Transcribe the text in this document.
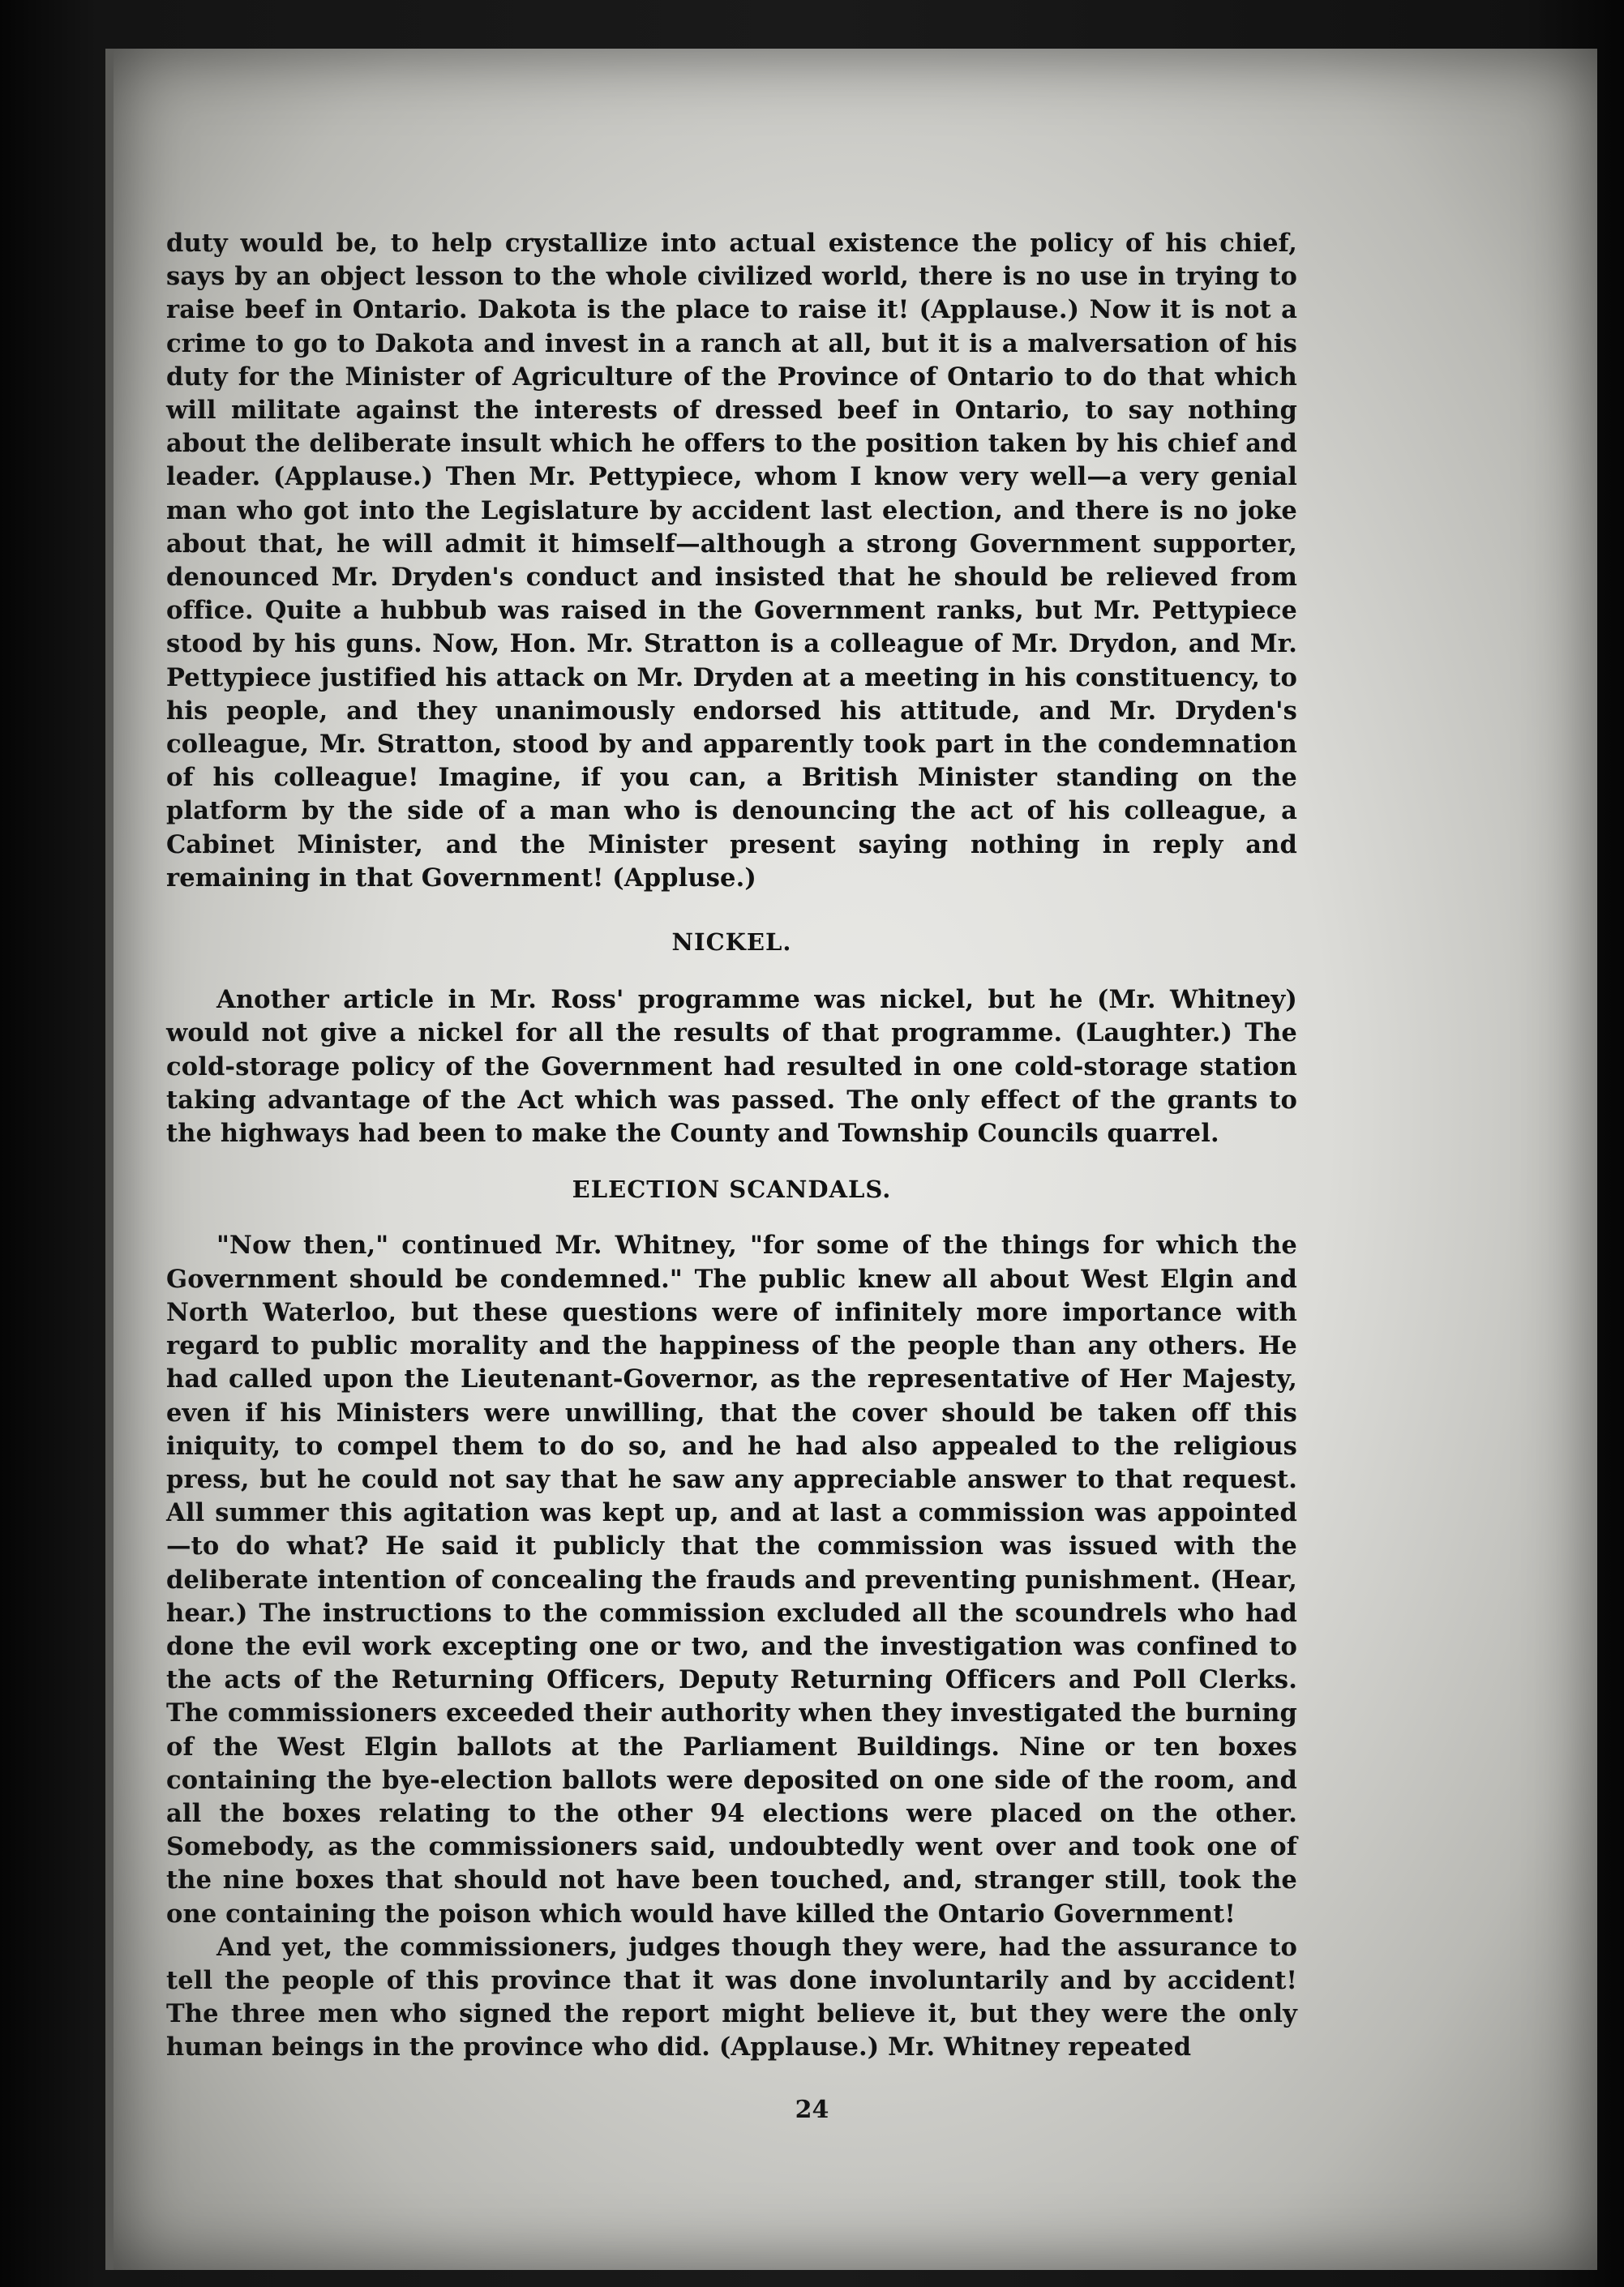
duty would be, to help crystallize into actual existence the policy of his chief, says by an object lesson to the whole civilized world, there is no use in trying to raise beef in Ontario. Dakota is the place to raise it! (Applause.) Now it is not a crime to go to Dakota and invest in a ranch at all, but it is a malversation of his duty for the Minister of Agriculture of the Province of Ontario to do that which will militate against the interests of dressed beef in Ontario, to say nothing about the deliberate insult which he offers to the position taken by his chief and leader. (Applause.) Then Mr. Pettypiece, whom I know very well—a very genial man who got into the Legislature by accident last election, and there is no joke about that, he will admit it himself—although a strong Government supporter, denounced Mr. Dryden's conduct and insisted that he should be relieved from office. Quite a hubbub was raised in the Government ranks, but Mr. Pettypiece stood by his guns. Now, Hon. Mr. Stratton is a colleague of Mr. Drydon, and Mr. Pettypiece justified his attack on Mr. Dryden at a meeting in his constituency, to his people, and they unanimously endorsed his attitude, and Mr. Dryden's colleague, Mr. Stratton, stood by and apparently took part in the condemnation of his colleague! Imagine, if you can, a British Minister standing on the platform by the side of a man who is denouncing the act of his colleague, a Cabinet Minister, and the Minister present saying nothing in reply and remaining in that Government! (Appluse.)

NICKEL.

Another article in Mr. Ross' programme was nickel, but he (Mr. Whitney) would not give a nickel for all the results of that programme. (Laughter.) The cold-storage policy of the Government had resulted in one cold-storage station taking advantage of the Act which was passed. The only effect of the grants to the highways had been to make the County and Township Councils quarrel.

ELECTION SCANDALS.

"Now then," continued Mr. Whitney, "for some of the things for which the Government should be condemned." The public knew all about West Elgin and North Waterloo, but these questions were of infinitely more importance with regard to public morality and the happiness of the people than any others. He had called upon the Lieutenant-Governor, as the representative of Her Majesty, even if his Ministers were unwilling, that the cover should be taken off this iniquity, to compel them to do so, and he had also appealed to the religious press, but he could not say that he saw any appreciable answer to that request. All summer this agitation was kept up, and at last a commission was appointed—to do what? He said it publicly that the commission was issued with the deliberate intention of concealing the frauds and preventing punishment. (Hear, hear.) The instructions to the commission excluded all the scoundrels who had done the evil work excepting one or two, and the investigation was confined to the acts of the Returning Officers, Deputy Returning Officers and Poll Clerks. The commissioners exceeded their authority when they investigated the burning of the West Elgin ballots at the Parliament Buildings. Nine or ten boxes containing the bye-election ballots were deposited on one side of the room, and all the boxes relating to the other 94 elections were placed on the other. Somebody, as the commissioners said, undoubtedly went over and took one of the nine boxes that should not have been touched, and, stranger still, took the one containing the poison which would have killed the Ontario Government!

And yet, the commissioners, judges though they were, had the assurance to tell the people of this province that it was done involuntarily and by accident! The three men who signed the report might believe it, but they were the only human beings in the province who did. (Applause.) Mr. Whitney repeated

24
